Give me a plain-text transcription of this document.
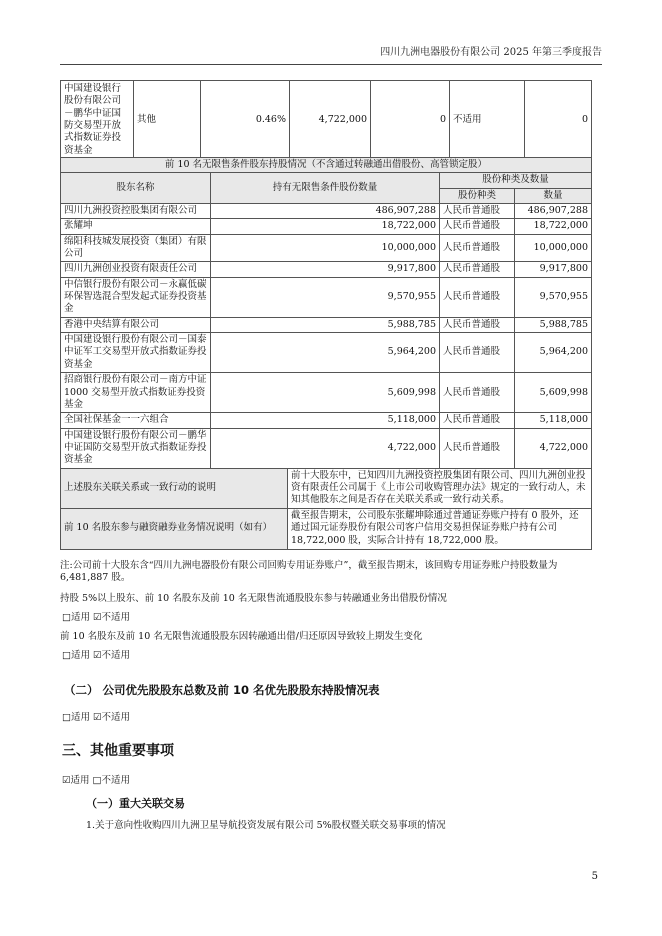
四川九洲电器股份有限公司 2025 年第三季度报告
中国建设银行股份有限公司－鹏华中证国防交易型开放式指数证券投资基金	其他	0.46%	4,722,000	0	不适用	0
前 10 名无限售条件股东持股情况（不含通过转融通出借股份、高管锁定股）				
股东名称	持有无限售条件股份数量		股份种类及数量	
			股份种类	数量
四川九洲投资控股集团有限公司	486,907,288		人民币普通股	486,907,288
张耀坤	18,722,000		人民币普通股	18,722,000
绵阳科技城发展投资（集团）有限公司	10,000,000		人民币普通股	10,000,000
四川九洲创业投资有限责任公司	9,917,800		人民币普通股	9,917,800
中信银行股份有限公司－永赢低碳环保智选混合型发起式证券投资基金	9,570,955		人民币普通股	9,570,955
香港中央结算有限公司	5,988,785		人民币普通股	5,988,785
中国建设银行股份有限公司－国泰中证军工交易型开放式指数证券投资基金	5,964,200		人民币普通股	5,964,200
招商银行股份有限公司－南方中证 1000 交易型开放式指数证券投资基金	5,609,998		人民币普通股	5,609,998
全国社保基金一一六组合	5,118,000		人民币普通股	5,118,000
中国建设银行股份有限公司－鹏华中证国防交易型开放式指数证券投资基金	4,722,000		人民币普通股	4,722,000
上述股东关联关系或一致行动的说明		前十大股东中，已知四川九洲投资控股集团有限公司、四川九洲创业投资有限责任公司属于《上市公司收购管理办法》规定的一致行动人，未知其他股东之间是否存在关联关系或一致行动关系。		
前 10 名股东参与融资融券业务情况说明（如有）		截至报告期末，公司股东张耀坤除通过普通证券账户持有 0 股外，还通过国元证券股份有限公司客户信用交易担保证券账户持有公司 18,722,000 股，实际合计持有 18,722,000 股。		
注:公司前十大股东含“四川九洲电器股份有限公司回购专用证券账户”，截至报告期末，该回购专用证券账户持股数量为 6,481,887 股。
持股 5%以上股东、前 10 名股东及前 10 名无限售流通股股东参与转融通业务出借股份情况
□适用 ☑不适用
前 10 名股东及前 10 名无限售流通股股东因转融通出借/归还原因导致较上期发生变化
□适用 ☑不适用
（二） 公司优先股股东总数及前 10 名优先股股东持股情况表
□适用 ☑不适用
三、其他重要事项
☑适用 □不适用
（一）重大关联交易
1.关于意向性收购四川九洲卫星导航投资发展有限公司 5%股权暨关联交易事项的情况
5
